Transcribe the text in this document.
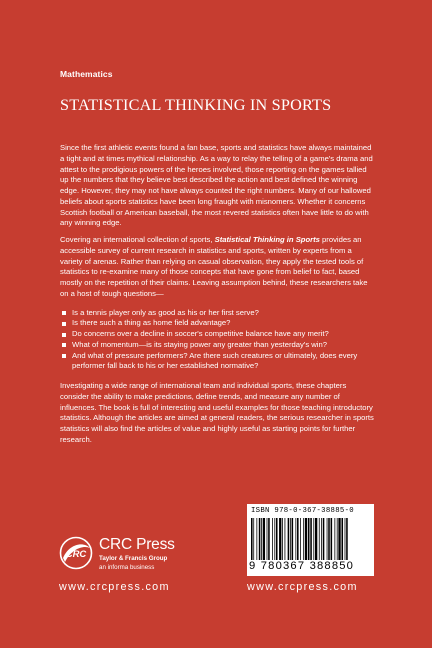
Mathematics
STATISTICAL THINKING IN SPORTS

Since the first athletic events found a fan base, sports and statistics have always maintained a tight and at times mythical relationship. As a way to relay the telling of a game's drama and attest to the prodigious powers of the heroes involved, those reporting on the games tallied up the numbers that they believe best described the action and best defined the winning edge. However, they may not have always counted the right numbers. Many of our hallowed beliefs about sports statistics have been long fraught with misnomers. Whether it concerns Scottish football or American baseball, the most revered statistics often have little to do with any winning edge.

Covering an international collection of sports, Statistical Thinking in Sports provides an accessible survey of current research in statistics and sports, written by experts from a variety of arenas. Rather than relying on casual observation, they apply the tested tools of statistics to re-examine many of those concepts that have gone from belief to fact, based mostly on the repetition of their claims. Leaving assumption behind, these researchers take on a host of tough questions—

Is a tennis player only as good as his or her first serve?
Is there such a thing as home field advantage?
Do concerns over a decline in soccer's competitive balance have any merit?
What of momentum—is its staying power any greater than yesterday's win?
And what of pressure performers? Are there such creatures or ultimately, does every performer fall back to his or her established normative?

Investigating a wide range of international team and individual sports, these chapters consider the ability to make predictions, define trends, and measure any number of influences. The book is full of interesting and useful examples for those teaching introductory statistics. Although the articles are aimed at general readers, the serious researcher in sports statistics will also find the articles of value and highly useful as starting points for further research.

CRC
CRC Press
Taylor & Francis Group
an informa business
www.crcpress.com
ISBN 978-0-367-38885-0
9 780367 388850
www.crcpress.com
